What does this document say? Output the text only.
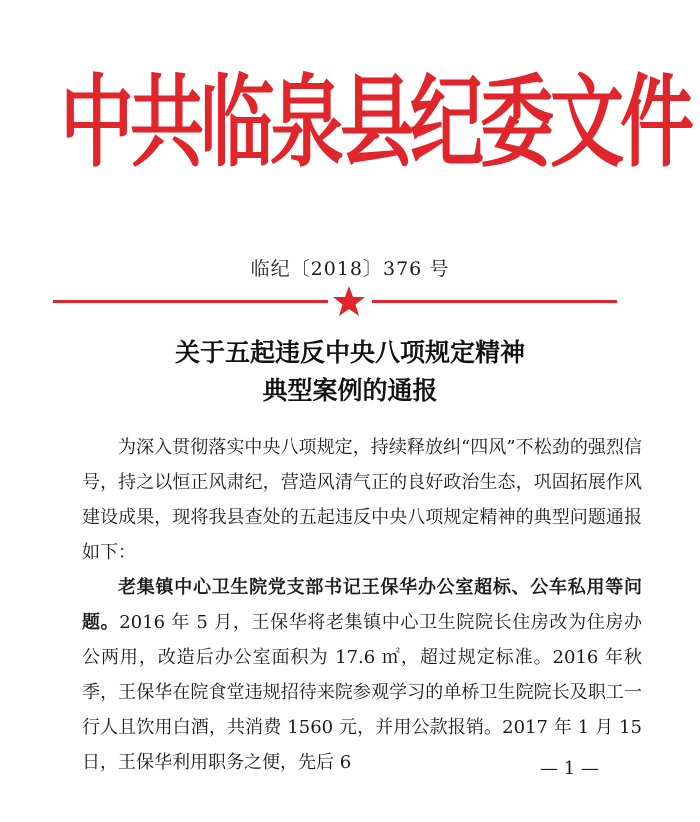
中
共
临
泉
县
纪
委
文
件
临纪〔2018〕376 号
关于五起违反中央八项规定精神
典型案例的通报

为深入贯彻落实中央八项规定，持续释放纠“四风”不松劲的强烈信号，持之以恒正风肃纪，营造风清气正的良好政治生态，巩固拓展作风建设成果，现将我县查处的五起违反中央八项规定精神的典型问题通报如下：

老集镇中心卫生院党支部书记王保华办公室超标、公车私用等问题。2016 年 5 月，王保华将老集镇中心卫生院院长住房改为住房办公两用，改造后办公室面积为 17.6 ㎡，超过规定标准。2016 年秋季，王保华在院食堂违规招待来院参观学习的单桥卫生院院长及职工一行人且饮用白酒，共消费 1560 元，并用公款报销。2017 年 1 月 15 日，王保华利用职务之便，先后 6	— 1 —
